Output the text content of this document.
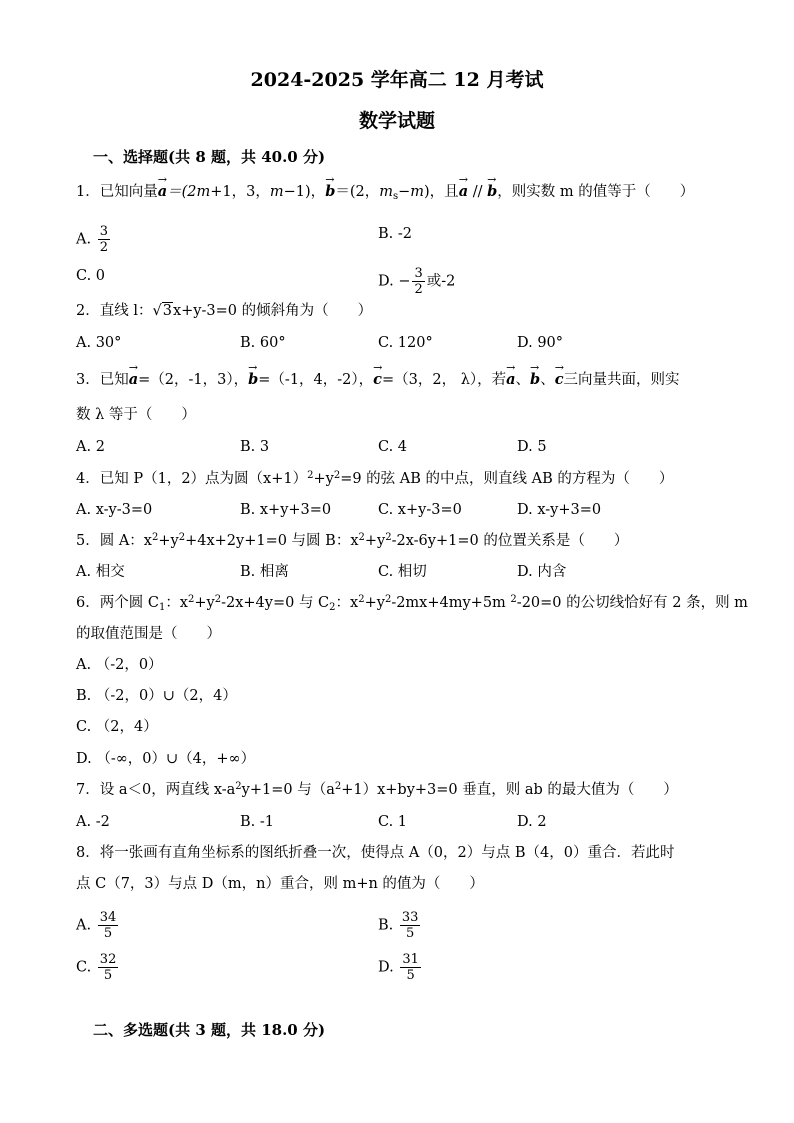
2024-2025 学年高二 12 月考试
数学试题
一、选择题(共 8 题，共 40.0 分)
1．已知向量→ a＝(2m+1，3，m−1)，→ b＝(2，$m_s-m$)，且→ a // → b，则实数 m 的值等于（　　）
A. $\frac{3}{2}$	B. -2
C. 0	D. − $\frac{3}{2}$ 或-2
2．直线 l：√3x+y-3=0 的倾斜角为（　　）
A. 30°	B. 60°	C. 120°	D. 90°
3．已知→ a=（2，-1，3），→ b=（-1，4，-2），→ c=（3，2， λ），若→ a、→ b、→ c三向量共面，则实
数 λ 等于（　　）
A. 2	B. 3	C. 4	D. 5
4．已知 P（1，2）点为圆$(x+1)^2+y^2=9$ 的弦 AB 的中点，则直线 AB 的方程为（　　）
A. x-y-3=0	B. x+y+3=0	C. x+y-3=0	D. x-y+3=0
5．圆 A：$x^2+y^2+4x+2y+1=0$ 与圆 B：$x^2+y^2-2x-6y+1=0$ 的位置关系是（　　）
A. 相交	B. 相离	C. 相切	D. 内含
6．两个圆 $C_1$：$x^2+y^2-2x+4y=0$ 与 $C_2$：$x^2+y^2-2mx+4my+5m$ $^2$-20=0 的公切线恰好有 2 条，则 m
的取值范围是（　　）
A. （-2，0）
B. （-2，0）∪（2，4）
C. （2，4）
D. （-∞，0）∪（4，+∞）
7．设 a＜0，两直线 $x-a^2y+1=0$ 与$(a^2+1)x+by+3=0$ 垂直，则 ab 的最大值为（　　）
A. -2	B. -1	C. 1	D. 2
8．将一张画有直角坐标系的图纸折叠一次，使得点 A（0，2）与点 B（4，0）重合．若此时
点 C（7，3）与点 D（m，n）重合，则 m+n 的值为（　　）
A. $\frac{34}{5}$	B. $\frac{33}{5}$
C. $\frac{32}{5}$	D. $\frac{31}{5}$
二、多选题(共 3 题，共 18.0 分)
